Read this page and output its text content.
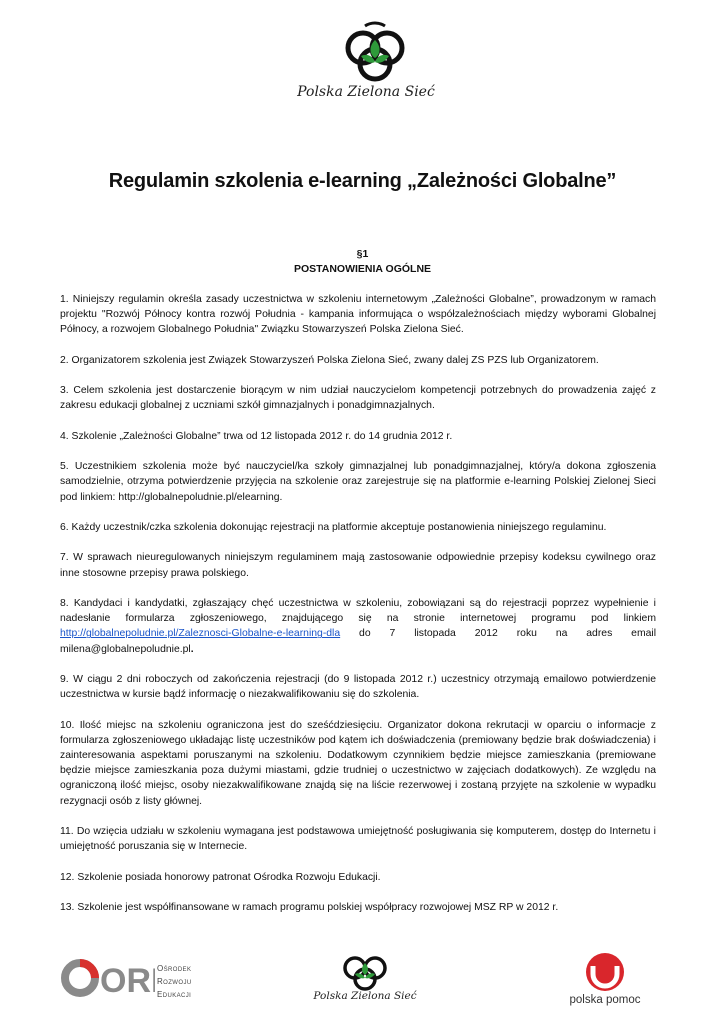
Polska Zielona Sieć
Regulamin szkolenia e-learning „Zależności Globalne”
§1
POSTANOWIENIA OGÓLNE

1. Niniejszy regulamin określa zasady uczestnictwa w szkoleniu internetowym „Zależności Globalne”, prowadzonym w ramach projektu "Rozwój Północy kontra rozwój Południa - kampania informująca o współzależnościach między wyborami Globalnej Północy, a rozwojem Globalnego Południa" Związku Stowarzyszeń Polska Zielona Sieć.

2. Organizatorem szkolenia jest Związek Stowarzyszeń Polska Zielona Sieć, zwany dalej ZS PZS lub Organizatorem.

3. Celem szkolenia jest dostarczenie biorącym w nim udział nauczycielom kompetencji potrzebnych do prowadzenia zajęć z zakresu edukacji globalnej z uczniami szkół gimnazjalnych i ponadgimnazjalnych.

4. Szkolenie „Zależności Globalne” trwa od 12 listopada 2012 r. do 14 grudnia 2012 r.

5. Uczestnikiem szkolenia może być nauczyciel/ka szkoły gimnazjalnej lub ponadgimnazjalnej, który/a dokona zgłoszenia samodzielnie, otrzyma potwierdzenie przyjęcia na szkolenie oraz zarejestruje się na platformie e-learning Polskiej Zielonej Sieci pod linkiem: http://globalnepoludnie.pl/elearning.

6. Każdy uczestnik/czka szkolenia dokonując rejestracji na platformie akceptuje postanowienia niniejszego regulaminu.

7. W sprawach nieuregulowanych niniejszym regulaminem mają zastosowanie odpowiednie przepisy kodeksu cywilnego oraz inne stosowne przepisy prawa polskiego.

8. Kandydaci i kandydatki, zgłaszający chęć uczestnictwa w szkoleniu, zobowiązani są do rejestracji poprzez wypełnienie i nadesłanie formularza zgłoszeniowego, znajdującego się na stronie internetowej programu pod linkiem http://globalnepoludnie.pl/Zaleznosci-Globalne-e-learning-dla do 7 listopada 2012 roku na adres email milena@globalnepoludnie.pl.

9. W ciągu 2 dni roboczych od zakończenia rejestracji (do 9 listopada 2012 r.) uczestnicy otrzymają emailowo potwierdzenie uczestnictwa w kursie bądź informację o niezakwalifikowaniu się do szkolenia.

10. Ilość miejsc na szkoleniu ograniczona jest do sześćdziesięciu. Organizator dokona rekrutacji w oparciu o informacje z formularza zgłoszeniowego układając listę uczestników pod kątem ich doświadczenia (premiowany będzie brak doświadczenia) i zainteresowania aspektami poruszanymi na szkoleniu. Dodatkowym czynnikiem będzie miejsce zamieszkania (premiowane będzie miejsce zamieszkania poza dużymi miastami, gdzie trudniej o uczestnictwo w zajęciach dodatkowych). Ze względu na ograniczoną ilość miejsc, osoby niezakwalifikowane znajdą się na liście rezerwowej i zostaną przyjęte na szkolenie w wypadku rezygnacji osób z listy głównej.

11. Do wzięcia udziału w szkoleniu wymagana jest podstawowa umiejętność posługiwania się komputerem, dostęp do Internetu i umiejętność poruszania się w Internecie.

12. Szkolenie posiada honorowy patronat Ośrodka Rozwoju Edukacji.

13. Szkolenie jest współfinansowane w ramach programu polskiej współpracy rozwojowej MSZ RP w 2012 r.

OR Ośrodek
Rozwoju
Edukacji	Polska Zielona Sieć	polska pomoc
